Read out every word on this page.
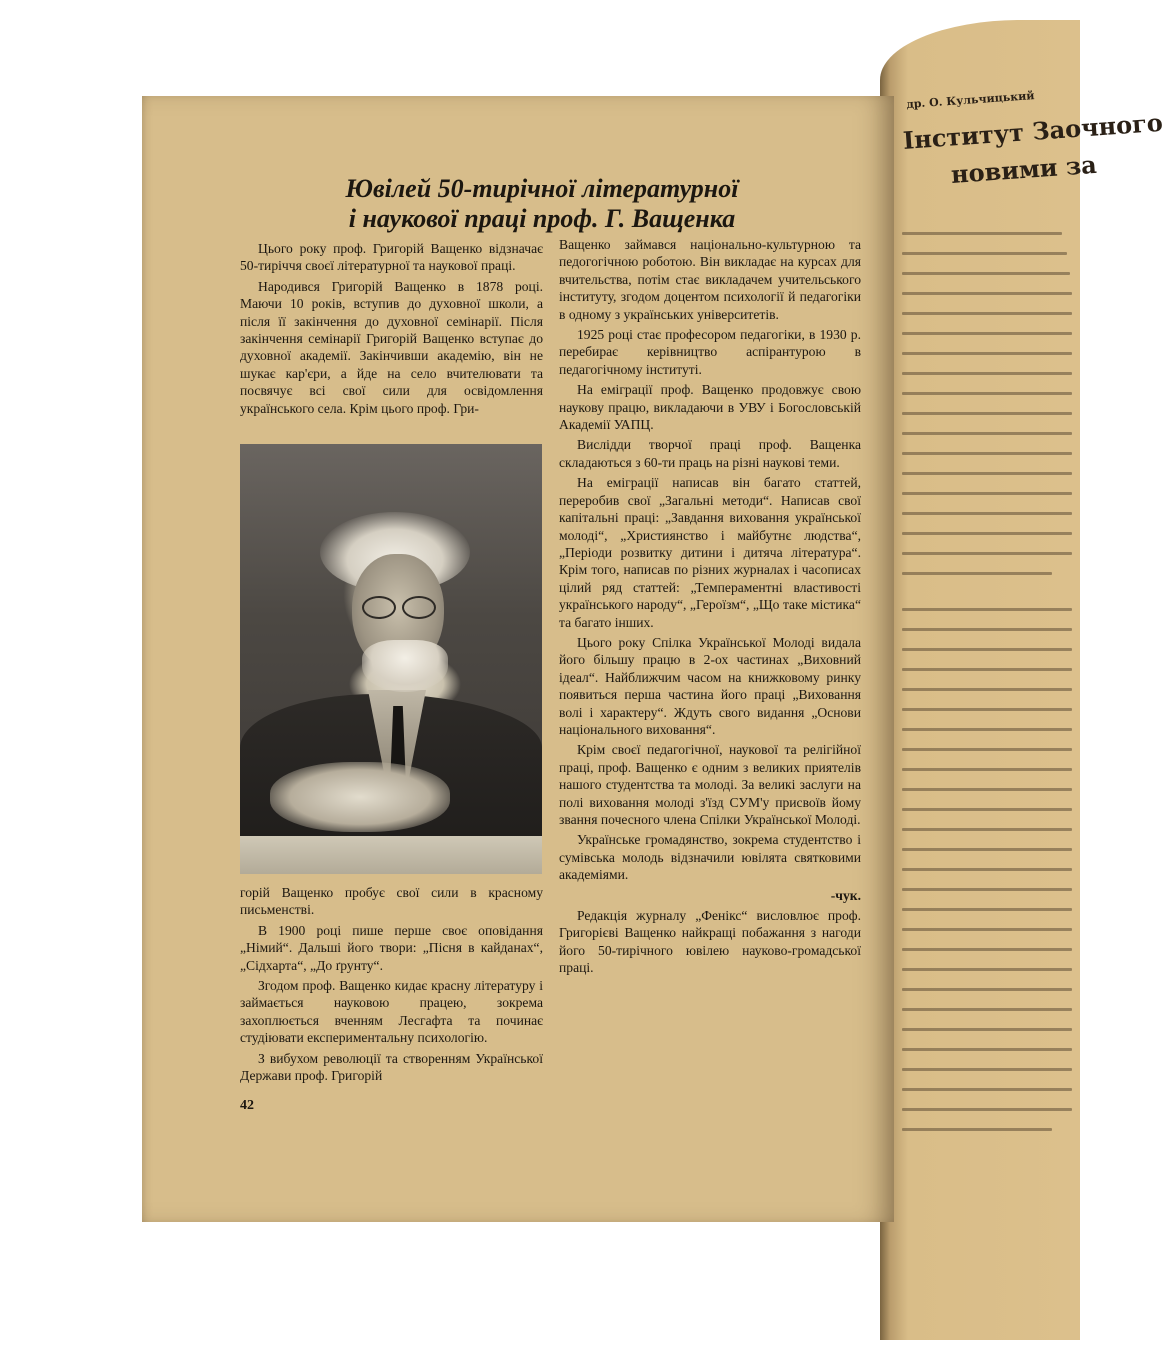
др. О. Кульчицький
Інститут Заочного
новими за
Ювілей 50-тирічної літературної
і наукової праці проф. Г. Ващенка

Цього року проф. Григорій Ващенко відзначає 50-тиріччя своєї літературної та наукової праці.

Народився Григорій Ващенко в 1878 році. Маючи 10 років, вступив до духовної школи, а після її закінчення до духовної семінарії. Після закінчення семінарії Григорій Ващенко вступає до духовної академії. Закінчивши академію, він не шукає кар'єри, а йде на село вчителювати та посвячує всі свої сили для освідомлення українського села. Крім цього проф. Гри-

горій Ващенко пробує свої сили в красному письменстві.

В 1900 році пише перше своє оповідання „Німий“. Дальші його твори: „Пісня в кайданах“, „Сідхарта“, „До ґрунту“.

Згодом проф. Ващенко кидає красну літературу і займається науковою працею, зокрема захоплюється вченням Лесгафта та починає студіювати експериментальну психологію.

З вибухом революції та створенням Української Держави проф. Григорій

Ващенко займався національно-культурною та педогогічною роботою. Він викладає на курсах для вчительства, потім стає викладачем учительського інституту, згодом доцентом психології й педагогіки в одному з українських університетів.

1925 році стає професором педагогіки, в 1930 р. перебирає керівництво аспірантурою в педагогічному інституті.

На еміграції проф. Ващенко продовжує свою наукову працю, викладаючи в УВУ і Богословській Академії УАПЦ.

Вислідди творчої праці проф. Ващенка складаються з 60-ти праць на різні наукові теми.

На еміграції написав він багато статтей, переробив свої „Загальні методи“. Написав свої капітальні праці: „Завдання виховання української молоді“, „Християнство і майбутнє людства“, „Періоди розвитку дитини і дитяча література“. Крім того, написав по різних журналах і часописах цілий ряд статтей: „Темпераментні властивості українського народу“, „Героїзм“, „Що таке містика“ та багато інших.

Цього року Спілка Української Молоді видала його більшу працю в 2-ох частинах „Виховний ідеал“. Найближчим часом на книжковому ринку появиться перша частина його праці „Виховання волі і характеру“. Ждуть свого видання „Основи національного виховання“.

Крім своєї педагогічної, наукової та релігійної праці, проф. Ващенко є одним з великих приятелів нашого студентства та молоді. За великі заслуги на полі виховання молоді з'їзд СУМ'у присвоїв йому звання почесного члена Спілки Української Молоді.

Українське громадянство, зокрема студентство і сумівська молодь відзначили ювілята святковими академіями.

-чук.

Редакція журналу „Фенікс“ висловлює проф. Григорієві Ващенко найкращі побажання з нагоди його 50-тирічного ювілею науково-громадської праці.

42
